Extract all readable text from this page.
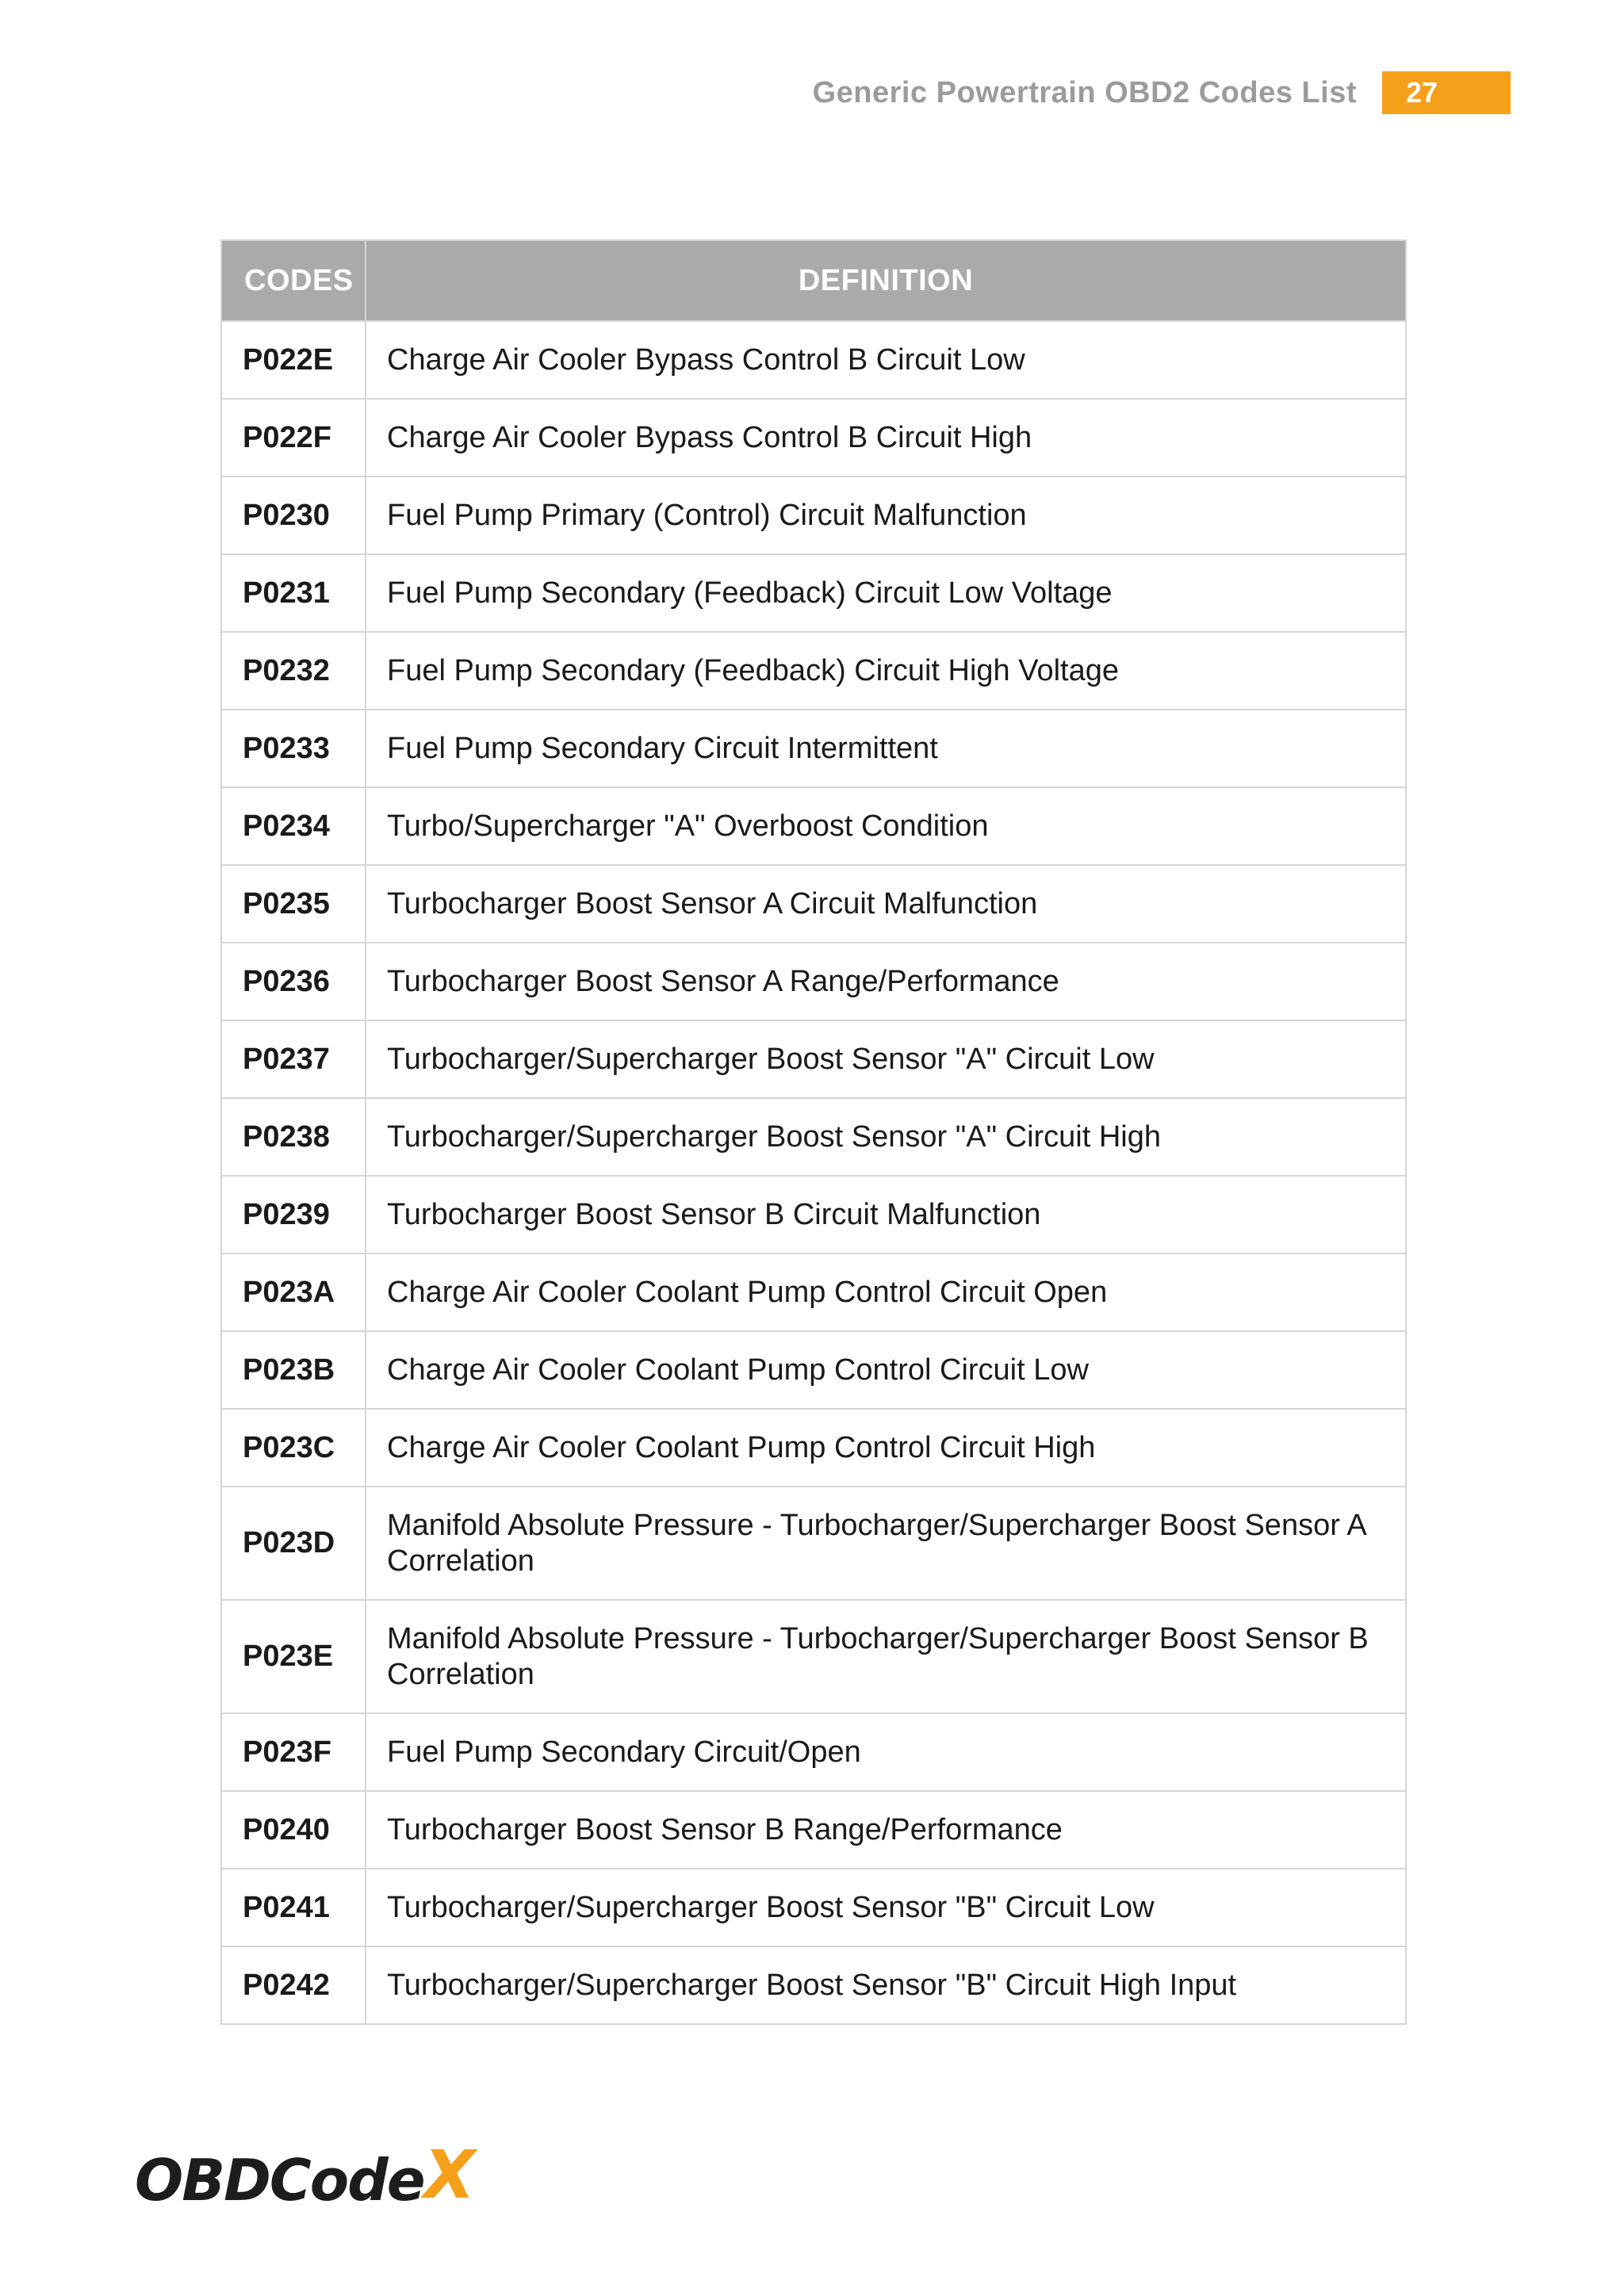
Generic Powertrain OBD2 Codes List	27
CODES	DEFINITION
P022E	Charge Air Cooler Bypass Control B Circuit Low
P022F	Charge Air Cooler Bypass Control B Circuit High
P0230	Fuel Pump Primary (Control) Circuit Malfunction
P0231	Fuel Pump Secondary (Feedback) Circuit Low Voltage
P0232	Fuel Pump Secondary (Feedback) Circuit High Voltage
P0233	Fuel Pump Secondary Circuit Intermittent
P0234	Turbo/Supercharger "A" Overboost Condition
P0235	Turbocharger Boost Sensor A Circuit Malfunction
P0236	Turbocharger Boost Sensor A Range/Performance
P0237	Turbocharger/Supercharger Boost Sensor "A" Circuit Low
P0238	Turbocharger/Supercharger Boost Sensor "A" Circuit High
P0239	Turbocharger Boost Sensor B Circuit Malfunction
P023A	Charge Air Cooler Coolant Pump Control Circuit Open
P023B	Charge Air Cooler Coolant Pump Control Circuit Low
P023C	Charge Air Cooler Coolant Pump Control Circuit High
P023D	Manifold Absolute Pressure - Turbocharger/Supercharger Boost Sensor A Correlation
P023E	Manifold Absolute Pressure - Turbocharger/Supercharger Boost Sensor B Correlation
P023F	Fuel Pump Secondary Circuit/Open
P0240	Turbocharger Boost Sensor B Range/Performance
P0241	Turbocharger/Supercharger Boost Sensor "B" Circuit Low
P0242	Turbocharger/Supercharger Boost Sensor "B" Circuit High Input
OBDCode X
